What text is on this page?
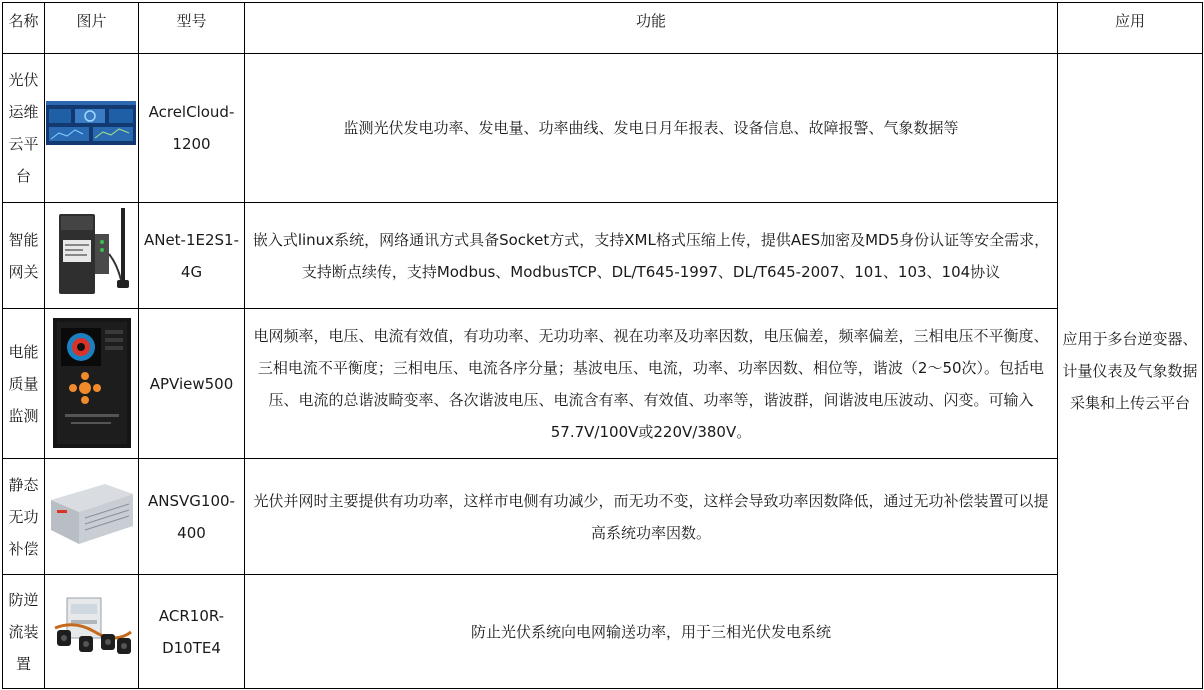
名称	图片	型号	功能	应用

光伏
运维
云平
台		AcrelCloud-
1200	监测光伏发电功率、发电量、功率曲线、发电日月年报表、设备信息、故障报警、气象数据等	应用于多台逆变器、
计量仪表及气象数据
采集和上传云平台

智能
网关		ANet-1E2S1-
4G	嵌入式linux系统，网络通讯方式具备Socket方式，支持XML格式压缩上传，提供AES加密及MD5身份认证等安全需求，支持断点续传，支持Modbus、ModbusTCP、DL/T645-1997、DL/T645-2007、101、103、104协议	

电能
质量
监测		APView500	电网频率，电压、电流有效值，有功功率、无功功率、视在功率及功率因数，电压偏差，频率偏差，三相电压不平衡度、三相电流不平衡度；三相电压、电流各序分量；基波电压、电流，功率、功率因数、相位等，谐波（2～50次）。包括电压、电流的总谐波畸变率、各次谐波电压、电流含有率、有效值、功率等，谐波群，间谐波电压波动、闪变。可输入57.7V/100V或220V/380V。	

静态
无功
补偿		ANSVG100-
400	光伏并网时主要提供有功功率，这样市电侧有功减少，而无功不变，这样会导致功率因数降低，通过无功补偿装置可以提高系统功率因数。	

防逆
流装
置		ACR10R-
D10TE4	防止光伏系统向电网输送功率，用于三相光伏发电系统	
